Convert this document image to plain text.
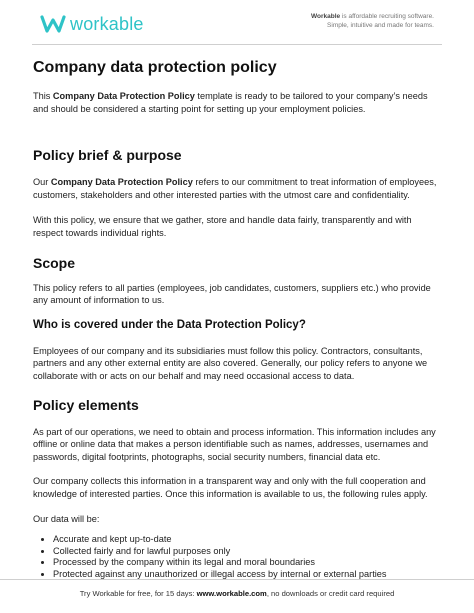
workable	Workable is affordable recruiting software.
Simple, intuitive and made for teams.
Company data protection policy

This Company Data Protection Policy template is ready to be tailored to your company’s needs and should be considered a starting point for setting up your employment policies.

Policy brief & purpose

Our Company Data Protection Policy refers to our commitment to treat information of employees, customers, stakeholders and other interested parties with the utmost care and confidentiality.

With this policy, we ensure that we gather, store and handle data fairly, transparently and with respect towards individual rights.

Scope

This policy refers to all parties (employees, job candidates, customers, suppliers etc.) who provide any amount of information to us.

Who is covered under the Data Protection Policy?

Employees of our company and its subsidiaries must follow this policy. Contractors, consultants, partners and any other external entity are also covered. Generally, our policy refers to anyone we collaborate with or acts on our behalf and may need occasional access to data.

Policy elements

As part of our operations, we need to obtain and process information. This information includes any offline or online data that makes a person identifiable such as names, addresses, usernames and passwords, digital footprints, photographs, social security numbers, financial data etc.

Our company collects this information in a transparent way and only with the full cooperation and knowledge of interested parties. Once this information is available to us, the following rules apply.

Our data will be:

• Accurate and kept up-to-date
• Collected fairly and for lawful purposes only
• Processed by the company within its legal and moral boundaries
• Protected against any unauthorized or illegal access by internal or external parties
Try Workable for free, for 15 days: www.workable.com, no downloads or credit card required
